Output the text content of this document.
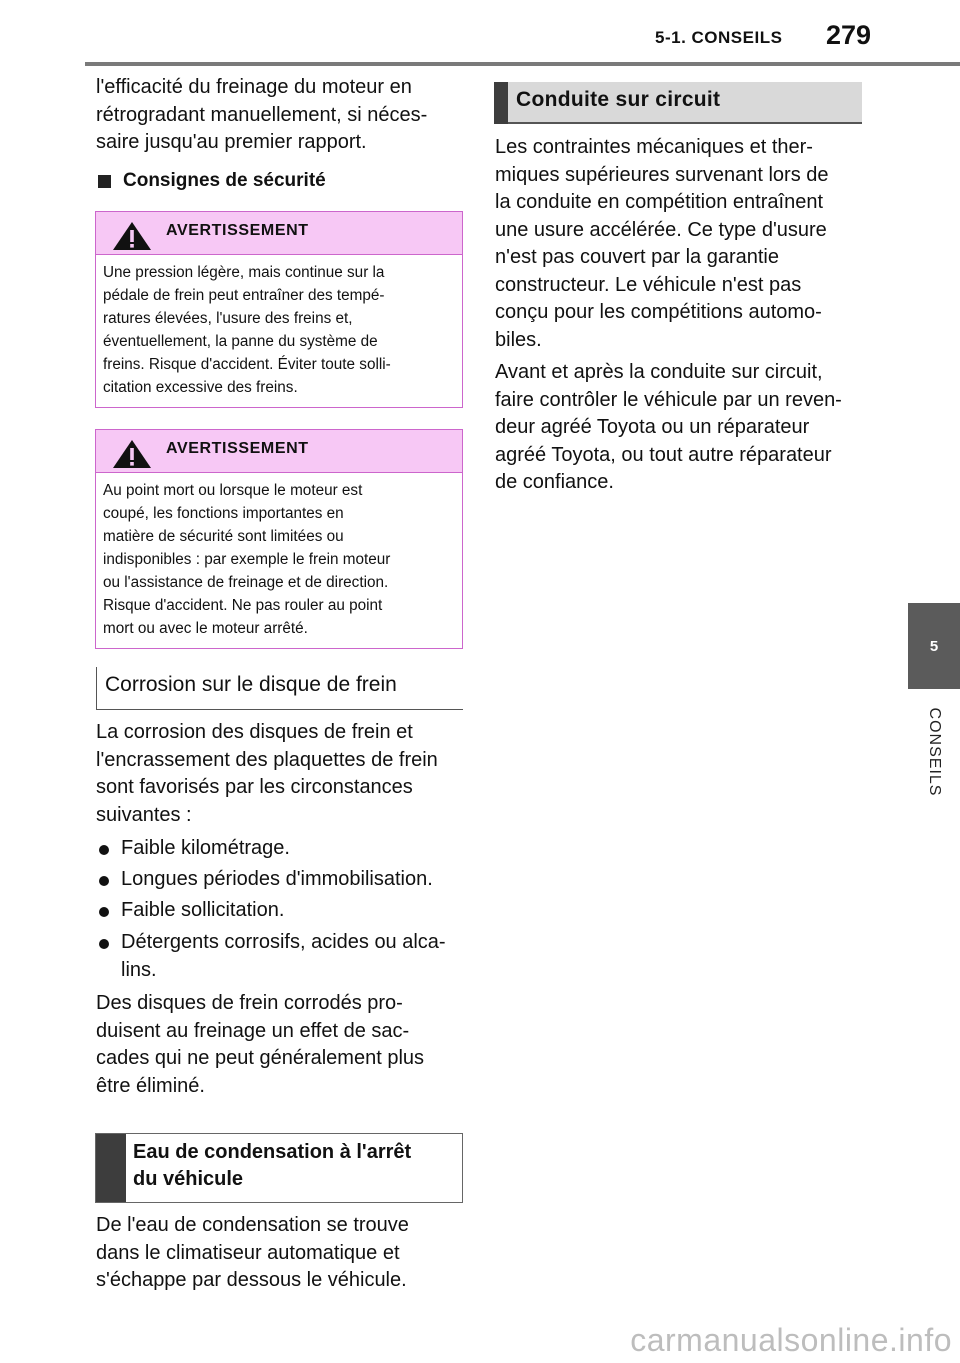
5-1. CONSEILS 279
5
CONSEILS

l'efficacité du freinage du moteur en

rétrogradant manuellement, si néces-

saire jusqu'au premier rapport.

Consignes de sécurité
AVERTISSEMENT
Une pression légère, mais continue sur la
pédale de frein peut entraîner des tempé-
ratures élevées, l'usure des freins et,
éventuellement, la panne du système de
freins. Risque d'accident. Éviter toute solli-
citation excessive des freins.
AVERTISSEMENT
Au point mort ou lorsque le moteur est
coupé, les fonctions importantes en
matière de sécurité sont limitées ou
indisponibles : par exemple le frein moteur
ou l'assistance de freinage et de direction.
Risque d'accident. Ne pas rouler au point
mort ou avec le moteur arrêté.
Corrosion sur le disque de frein

La corrosion des disques de frein et

l'encrassement des plaquettes de frein

sont favorisés par les circonstances

suivantes :

Faible kilométrage.
Longues périodes d'immobilisation.
Faible sollicitation.
Détergents corrosifs, acides ou alca-
lins.

Des disques de frein corrodés pro-

duisent au freinage un effet de sac-

cades qui ne peut généralement plus

être éliminé.

Eau de condensation à l'arrêt
du véhicule

De l'eau de condensation se trouve

dans le climatiseur automatique et

s'échappe par dessous le véhicule.

Conduite sur circuit

Les contraintes mécaniques et ther-

miques supérieures survenant lors de

la conduite en compétition entraînent

une usure accélérée. Ce type d'usure

n'est pas couvert par la garantie

constructeur. Le véhicule n'est pas

conçu pour les compétitions automo-

biles.

Avant et après la conduite sur circuit,

faire contrôler le véhicule par un reven-

deur agréé Toyota ou un réparateur

agréé Toyota, ou tout autre réparateur

de confiance.

carmanualsonline.info
